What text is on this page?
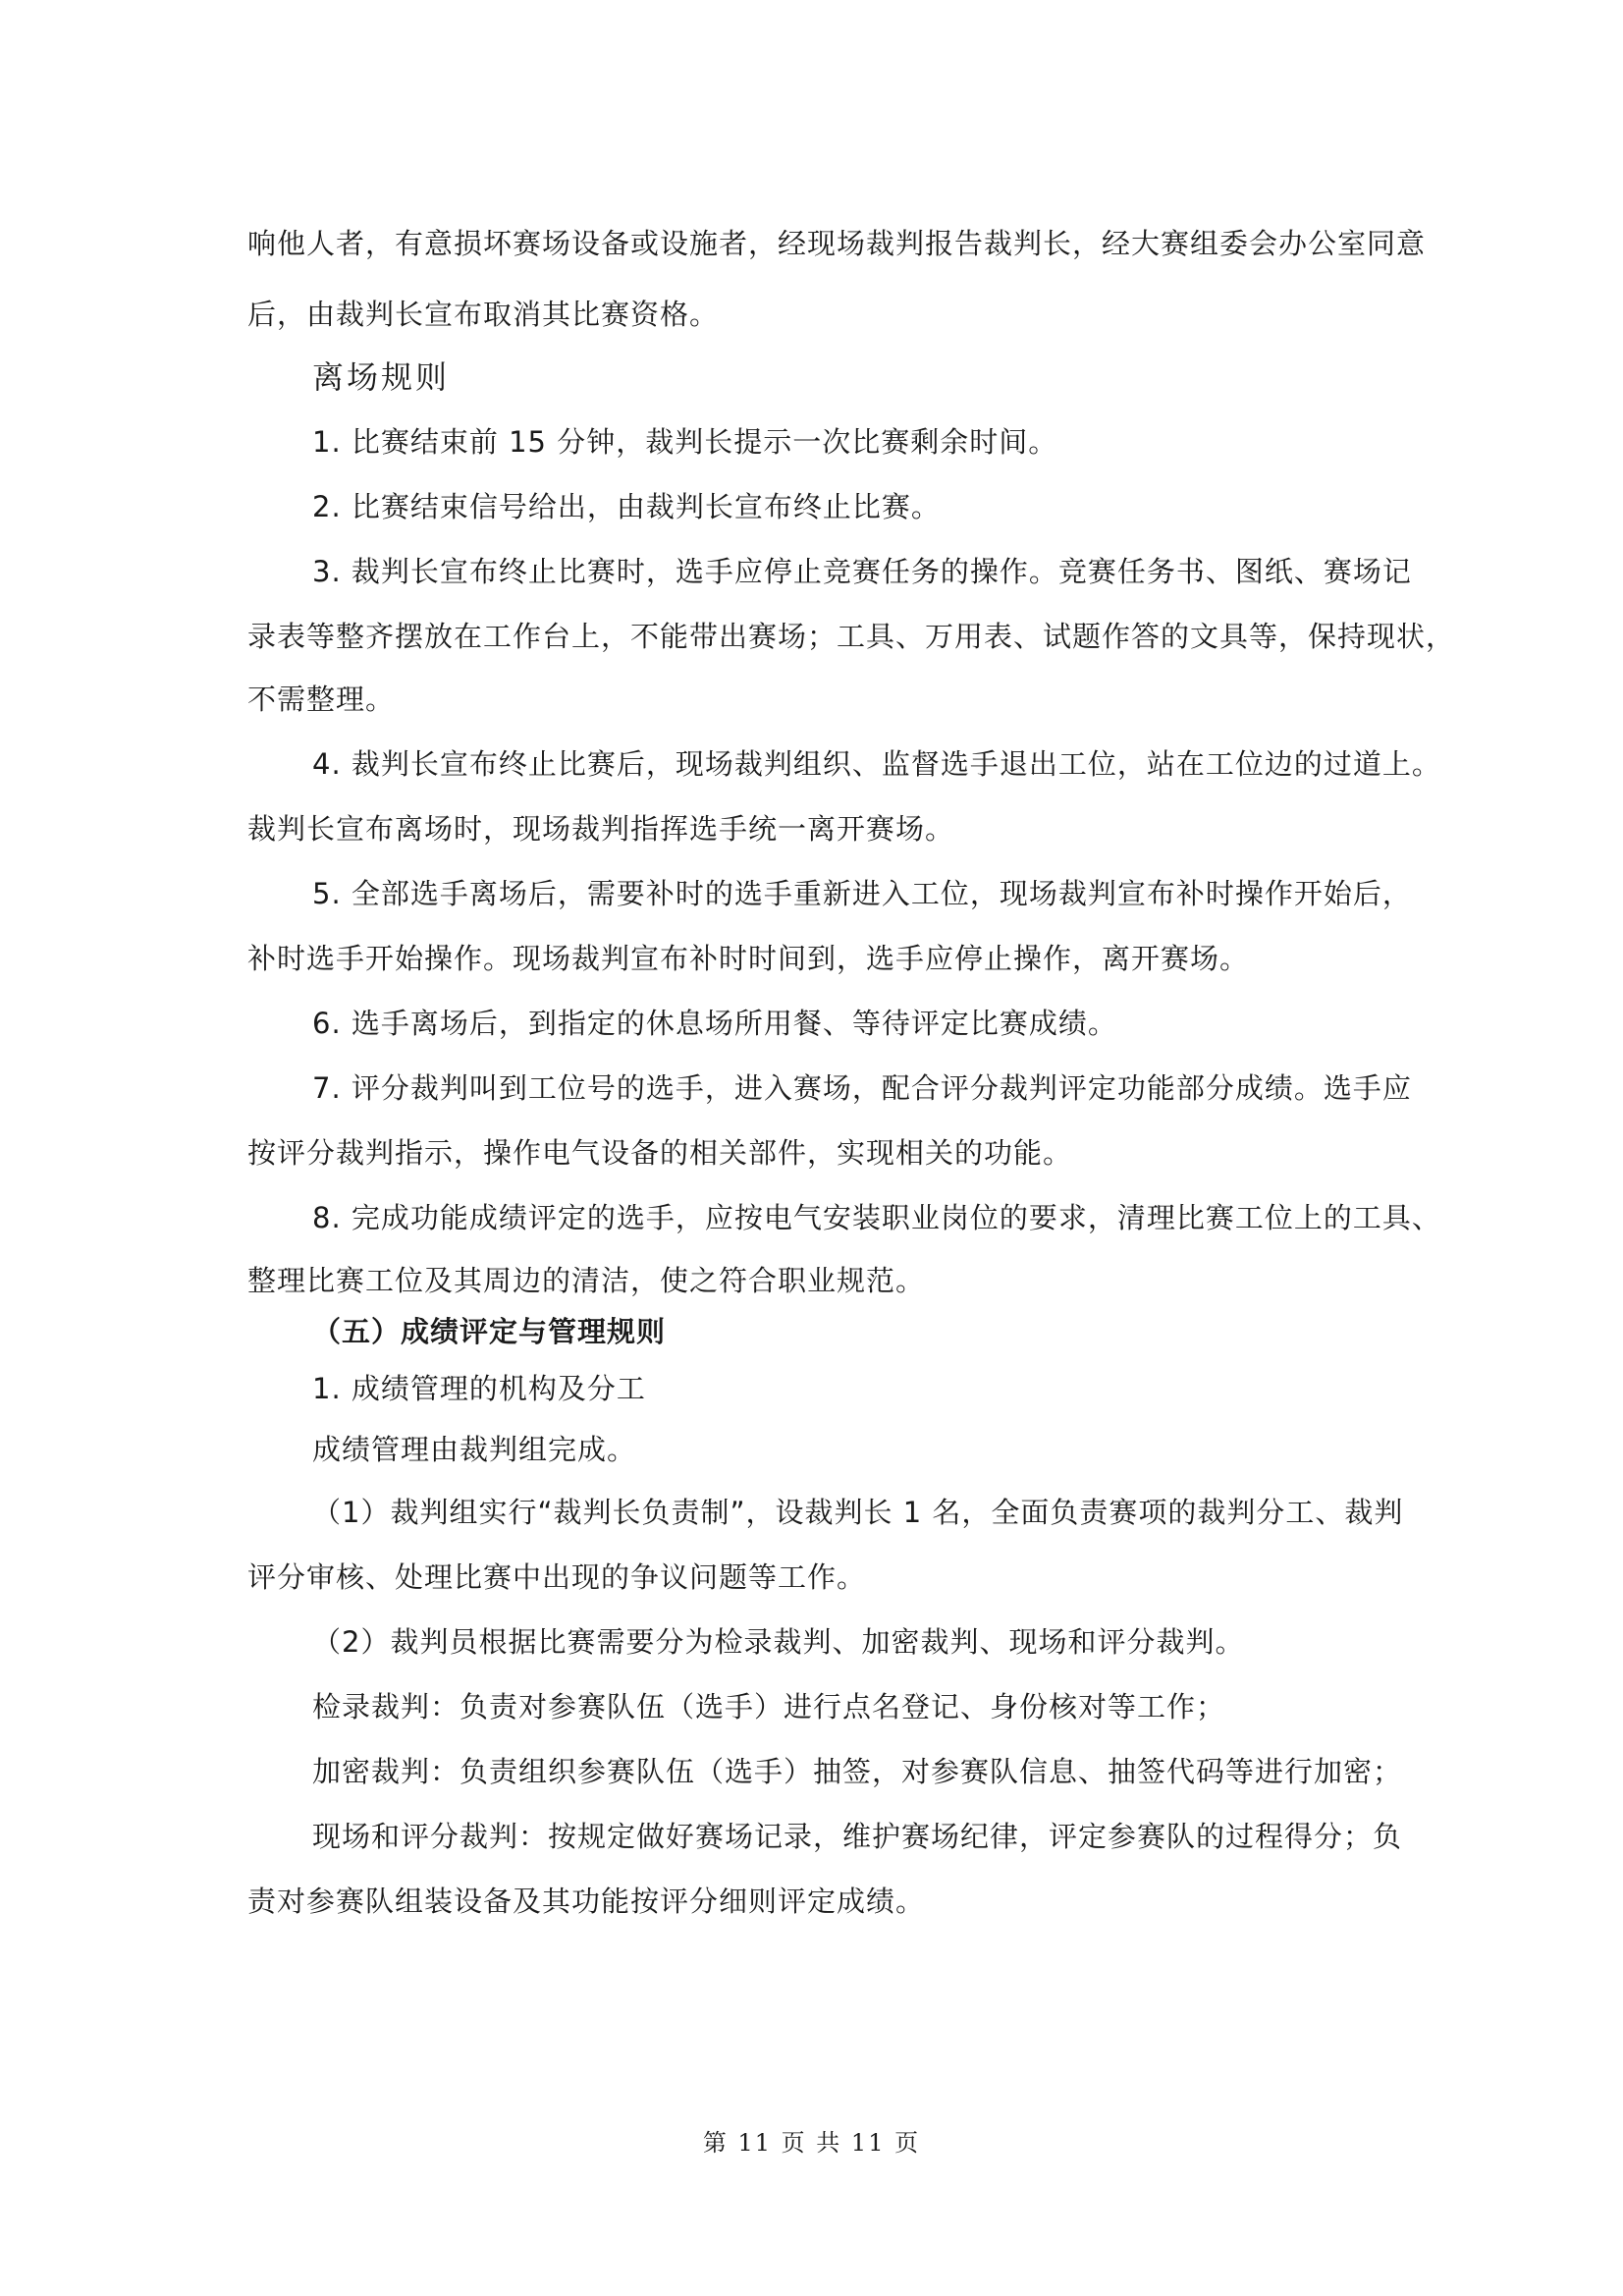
响他人者，有意损坏赛场设备或设施者，经现场裁判报告裁判长，经大赛组委会办公室同意
后，由裁判长宣布取消其比赛资格。
离场规则
1. 比赛结束前 15 分钟，裁判长提示一次比赛剩余时间。
2. 比赛结束信号给出，由裁判长宣布终止比赛。
3. 裁判长宣布终止比赛时，选手应停止竞赛任务的操作。竞赛任务书、图纸、赛场记
录表等整齐摆放在工作台上，不能带出赛场；工具、万用表、试题作答的文具等，保持现状，
不需整理。
4. 裁判长宣布终止比赛后，现场裁判组织、监督选手退出工位，站在工位边的过道上。
裁判长宣布离场时，现场裁判指挥选手统一离开赛场。
5. 全部选手离场后，需要补时的选手重新进入工位，现场裁判宣布补时操作开始后，
补时选手开始操作。现场裁判宣布补时时间到，选手应停止操作，离开赛场。
6. 选手离场后，到指定的休息场所用餐、等待评定比赛成绩。
7. 评分裁判叫到工位号的选手，进入赛场，配合评分裁判评定功能部分成绩。选手应
按评分裁判指示，操作电气设备的相关部件，实现相关的功能。
8. 完成功能成绩评定的选手，应按电气安装职业岗位的要求，清理比赛工位上的工具、
整理比赛工位及其周边的清洁，使之符合职业规范。
（五）成绩评定与管理规则
1. 成绩管理的机构及分工
成绩管理由裁判组完成。
（1）裁判组实行“裁判长负责制”，设裁判长 1 名，全面负责赛项的裁判分工、裁判
评分审核、处理比赛中出现的争议问题等工作。
（2）裁判员根据比赛需要分为检录裁判、加密裁判、现场和评分裁判。
检录裁判：负责对参赛队伍（选手）进行点名登记、身份核对等工作；
加密裁判：负责组织参赛队伍（选手）抽签，对参赛队信息、抽签代码等进行加密；
现场和评分裁判：按规定做好赛场记录，维护赛场纪律，评定参赛队的过程得分；负
责对参赛队组装设备及其功能按评分细则评定成绩。
第 11 页 共 11 页
